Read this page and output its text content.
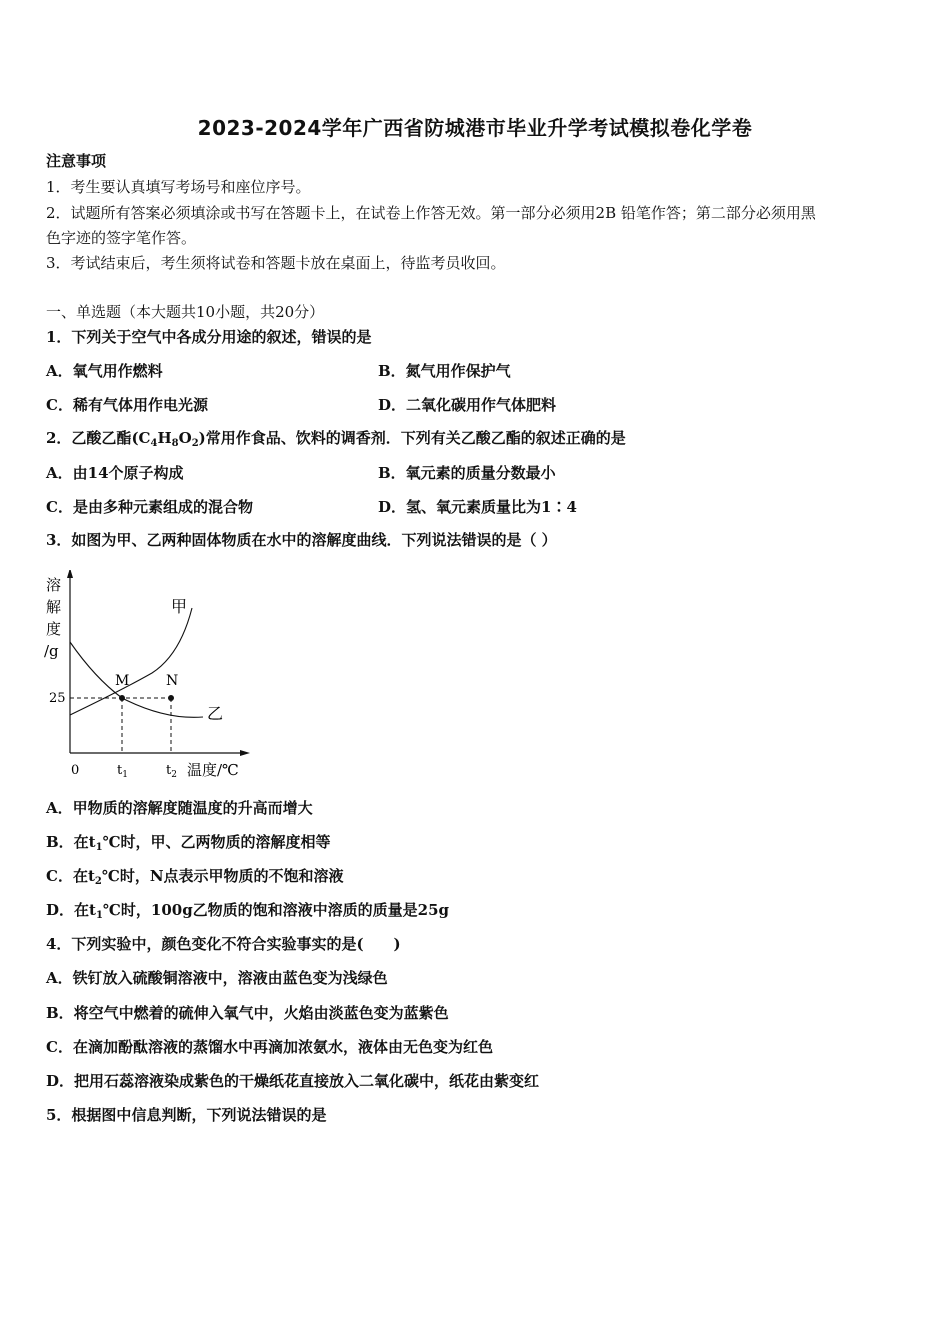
2023-2024学年广西省防城港市毕业升学考试模拟卷化学卷
注意事项
1．考生要认真填写考场号和座位序号。
2．试题所有答案必须填涂或书写在答题卡上，在试卷上作答无效。第一部分必须用2B 铅笔作答；第二部分必须用黑
色字迹的签字笔作答。
3．考试结束后，考生须将试卷和答题卡放在桌面上，待监考员收回。
一、单选题（本大题共10小题，共20分）
1．下列关于空气中各成分用途的叙述，错误的是
A．氧气用作燃料	B．氮气用作保护气
C．稀有气体用作电光源	D．二氧化碳用作气体肥料
2．乙酸乙酯$(C_4H_8O_2)$常用作食品、饮料的调香剂．下列有关乙酸乙酯的叙述正确的是
A．由14个原子构成	B．氧元素的质量分数最小
C．是由多种元素组成的混合物	D．氢、氧元素质量比为1∶4
3．如图为甲、乙两种固体物质在水中的溶解度曲线．下列说法错误的是（ ）
溶
解
度
/g
25
M	N
甲
乙
0	$t_1$	$t_2$ 温度/℃
A．甲物质的溶解度随温度的升高而增大
B．在$t_1℃$时，甲、乙两物质的溶解度相等
C．在$t_2℃$时，N点表示甲物质的不饱和溶液
D．在$t_1℃$时，100g乙物质的饱和溶液中溶质的质量是25g
4．下列实验中，颜色变化不符合实验事实的是(　　)
A．铁钉放入硫酸铜溶液中，溶液由蓝色变为浅绿色
B．将空气中燃着的硫伸入氧气中，火焰由淡蓝色变为蓝紫色
C．在滴加酚酞溶液的蒸馏水中再滴加浓氨水，液体由无色变为红色
D．把用石蕊溶液染成紫色的干燥纸花直接放入二氧化碳中，纸花由紫变红
5．根据图中信息判断，下列说法错误的是
